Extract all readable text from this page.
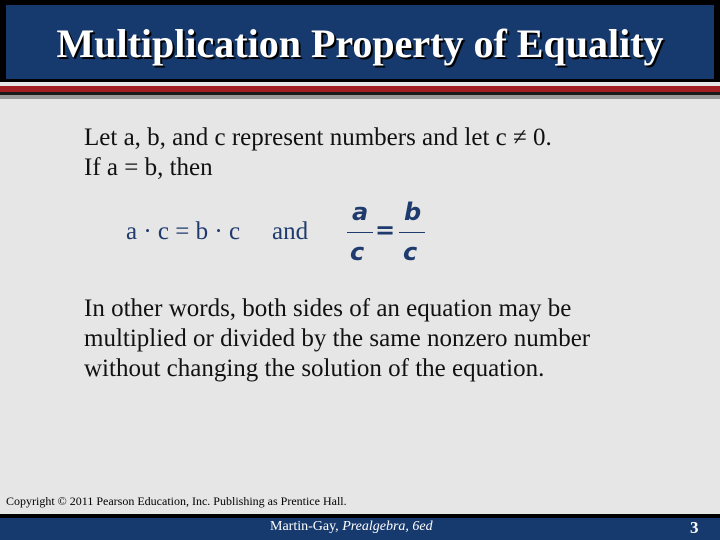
Multiplication Property of Equality
Let a, b, and c represent numbers and let c ≠ 0.
If a = b, then
a · c = b · c and
a
c
=
b
c
In other words, both sides of an equation may be multiplied or divided by the same nonzero number without changing the solution of the equation.
Copyright © 2011 Pearson Education, Inc. Publishing as Prentice Hall.
Martin-Gay, Prealgebra, 6ed	3
